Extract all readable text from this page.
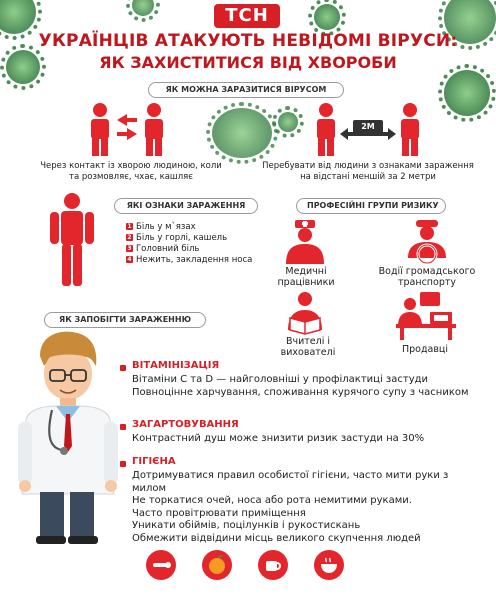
ТСН
УКРАЇНЦІВ АТАКУЮТЬ НЕВІДОМІ ВІРУСИ:
ЯК ЗАХИСТИТИСЯ ВІД ХВОРОБИ
ЯК МОЖНА ЗАРАЗИТИСЯ ВІРУСОМ
Через контакт із хворою людиною, коли та розмовляє, чхає, кашляє
2М
Перебувати від людини з ознаками зараження на відстані меншій за 2 метри
ЯКІ ОЗНАКИ ЗАРАЖЕННЯ
1 Біль у м`язах
2 Біль у горлі, кашель
3 Головний біль
4 Нежить, закладення носа
ПРОФЕСІЙНІ ГРУПИ РИЗИКУ
Медичні працівники
Водії громадського транспорту
Вчителі і вихователі	Продавці
ЯК ЗАПОБІГТИ ЗАРАЖЕННЮ
ВІТАМІНІЗАЦІЯ
Вітаміни С та D — найголовніші у профілактиці застуди Повноцінне харчування, споживання курячого супу з часником
ЗАГАРТОВУВАННЯ
Контрастний душ може знизити ризик застуди на 30%
ГІГІЄНА
Дотримуватися правил особистої гігієни, часто мити руки з милом
Не торкатися очей, носа або рота немитими руками.
Часто провітрювати приміщення
Уникати обіймів, поцілунків і рукостискань
Обмежити відвідини місць великого скупчення людей
